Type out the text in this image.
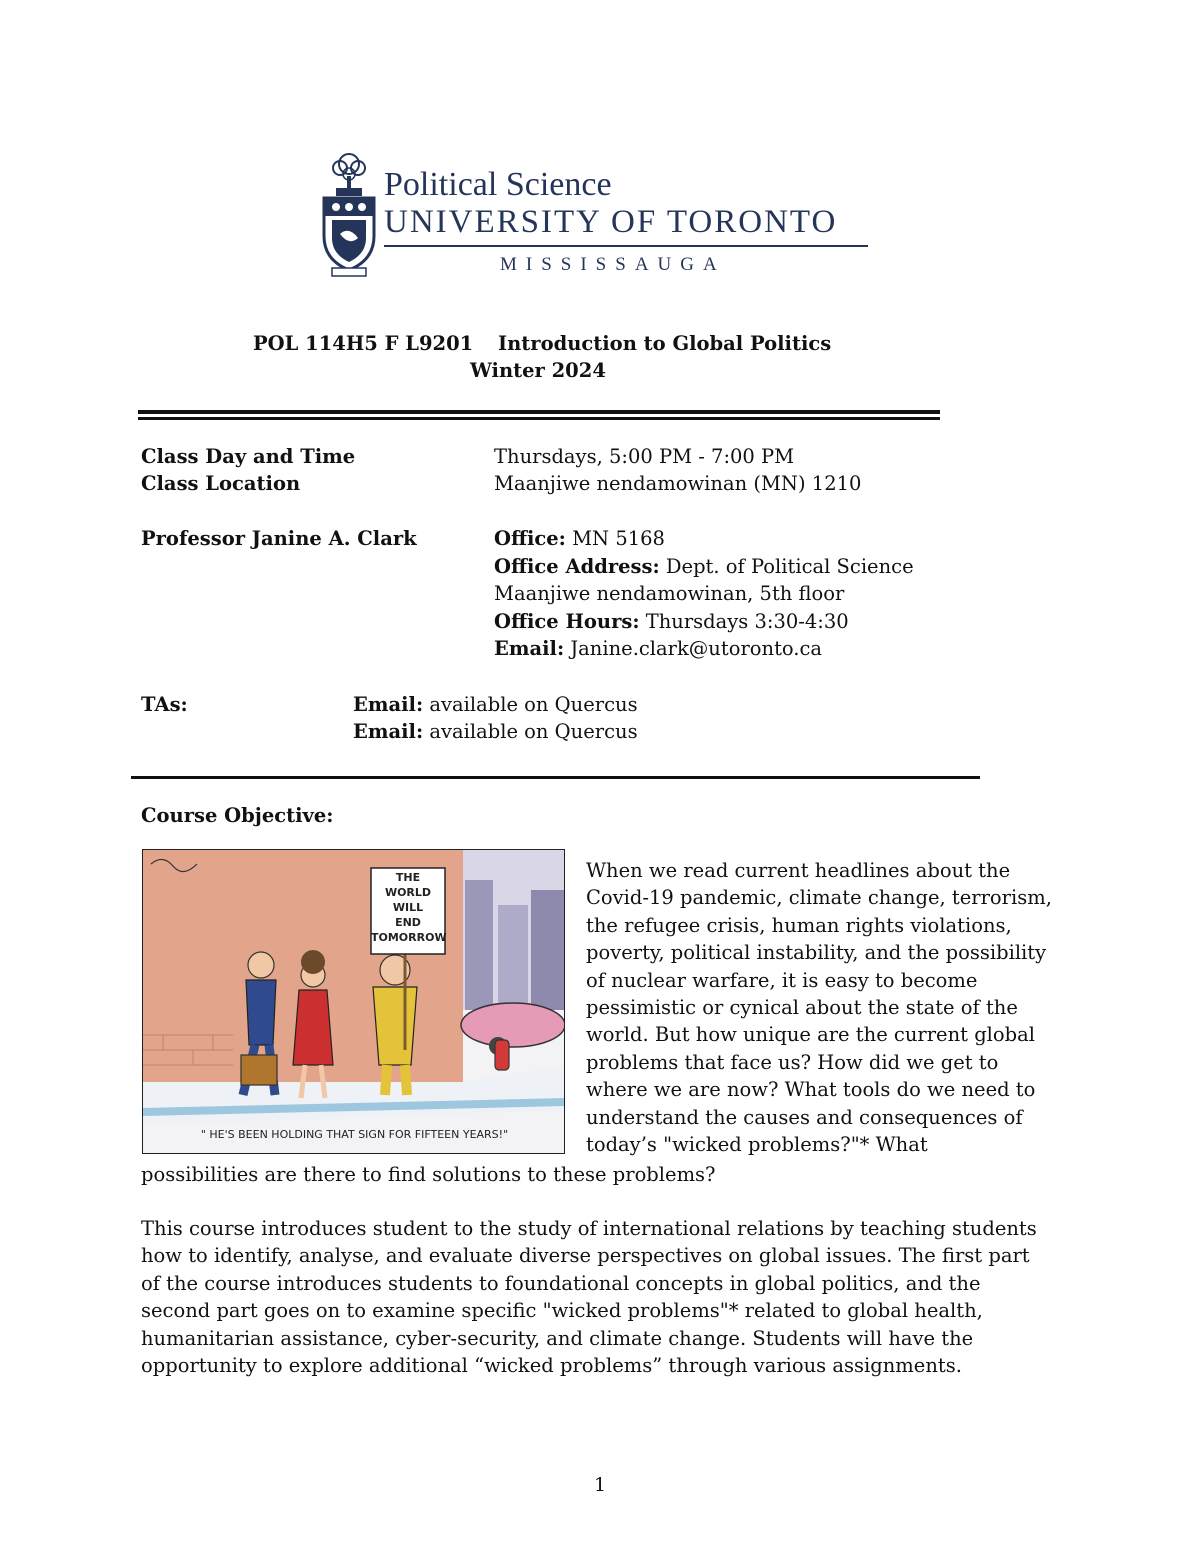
Political Science
UNIVERSITY OF TORONTO
MISSISSAUGA
POL 114H5 F L9201 Introduction to Global Politics
Winter 2024
Class Day and Time	Thursdays, 5:00 PM - 7:00 PM
Class Location	Maanjiwe nendamowinan (MN) 1210
Professor Janine A. Clark	Office: MN 5168
Office Address: Dept. of Political Science
Maanjiwe nendamowinan, 5th floor
Office Hours: Thursdays 3:30-4:30
Email: Janine.clark@utoronto.ca
TAs:	Email: available on Quercus
Email: available on Quercus
Course Objective:
THE
WORLD
WILL
END
TOMORROW
" HE'S BEEN HOLDING THAT SIGN FOR FIFTEEN YEARS!"
When we read current headlines about the
Covid-19 pandemic, climate change, terrorism,
the refugee crisis, human rights violations,
poverty, political instability, and the possibility
of nuclear warfare, it is easy to become
pessimistic or cynical about the state of the
world. But how unique are the current global
problems that face us? How did we get to
where we are now? What tools do we need to
understand the causes and consequences of
today’s "wicked problems?"* What
possibilities are there to find solutions to these problems?
This course introduces student to the study of international relations by teaching students
how to identify, analyse, and evaluate diverse perspectives on global issues. The first part
of the course introduces students to foundational concepts in global politics, and the
second part goes on to examine specific "wicked problems"* related to global health,
humanitarian assistance, cyber-security, and climate change. Students will have the
opportunity to explore additional “wicked problems” through various assignments.
1
